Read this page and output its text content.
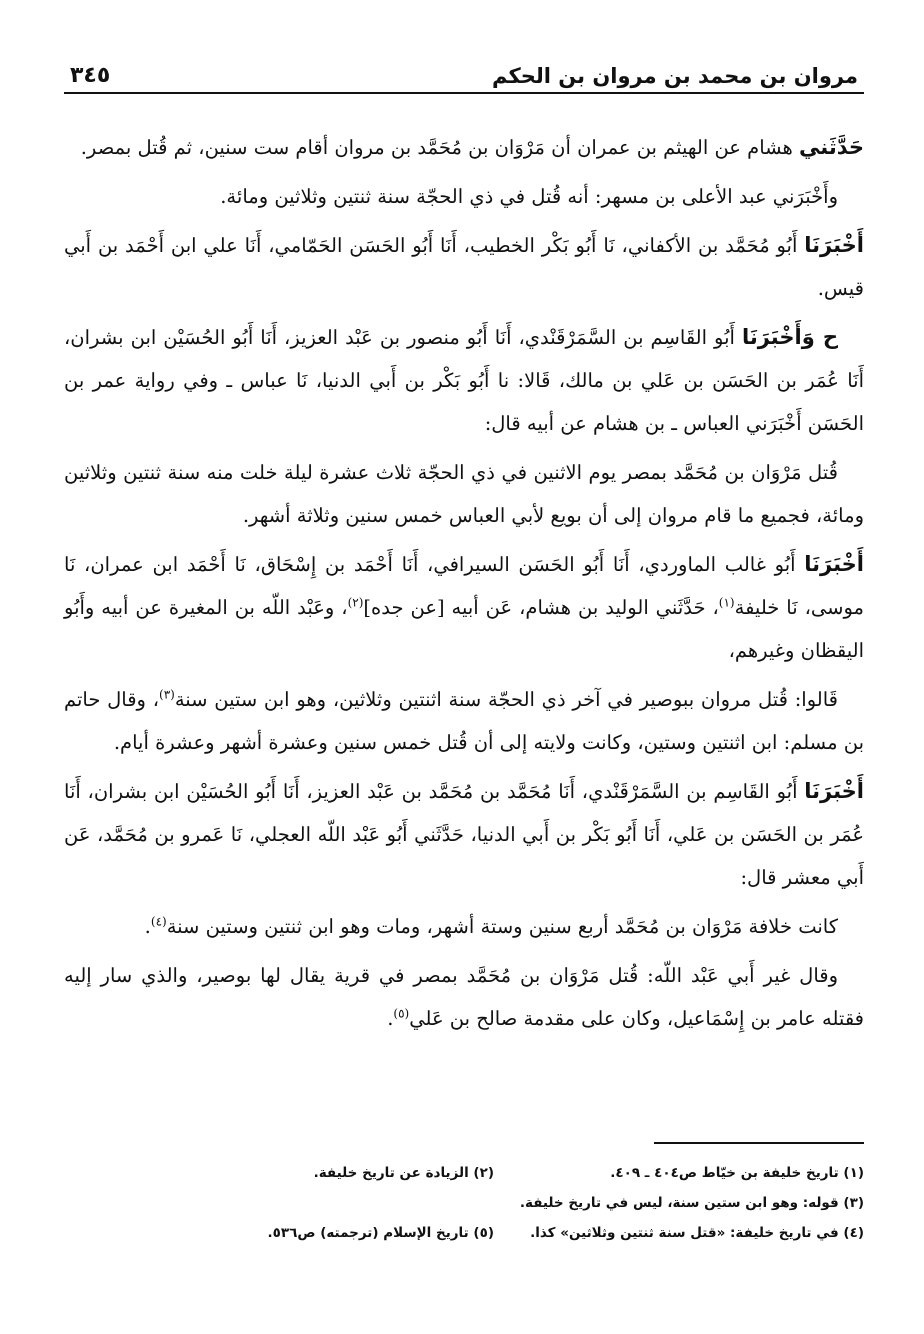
مروان بن محمد بن مروان بن الحكم
٣٤٥

حَدَّثَني هشام عن الهيثم بن عمران أن مَرْوَان بن مُحَمَّد بن مروان أقام ست سنين، ثم قُتل بمصر.

وأَخْبَرَني عبد الأعلى بن مسهر: أنه قُتل في ذي الحجّة سنة ثنتين وثلاثين ومائة.

أَخْبَرَنَا أَبُو مُحَمَّد بن الأكفاني، نَا أَبُو بَكْر الخطيب، أَنَا أَبُو الحَسَن الحَمّامي، أَنَا علي ابن أَحْمَد بن أَبي قيس.

ح وَأَخْبَرَنَا أَبُو القَاسِم بن السَّمَرْقَنْدي، أَنَا أَبُو منصور بن عَبْد العزيز، أَنَا أَبُو الحُسَيْن ابن بشران، أَنَا عُمَر بن الحَسَن بن عَلي بن مالك، قَالا: نا أَبُو بَكْر بن أَبي الدنيا، نَا عباس ـ وفي رواية عمر بن الحَسَن أَخْبَرَني العباس ـ بن هشام عن أبيه قال:

قُتل مَرْوَان بن مُحَمَّد بمصر يوم الاثنين في ذي الحجّة ثلاث عشرة ليلة خلت منه سنة ثنتين وثلاثين ومائة، فجميع ما قام مروان إلى أن بويع لأبي العباس خمس سنين وثلاثة أشهر.

أَخْبَرَنَا أَبُو غالب الماوردي، أَنَا أَبُو الحَسَن السيرافي، أَنَا أَحْمَد بن إِسْحَاق، نَا أَحْمَد ابن عمران، نَا موسى، نَا خليفة$^{(١)}$، حَدَّثَني الوليد بن هشام، عَن أبيه [عن جده]$^{(٢)}$، وعَبْد اللّه بن المغيرة عن أبيه وأَبُو اليقظان وغيرهم،

قَالوا: قُتل مروان ببوصير في آخر ذي الحجّة سنة اثنتين وثلاثين، وهو ابن ستين سنة$^{(٣)}$، وقال حاتم بن مسلم: ابن اثنتين وستين، وكانت ولايته إلى أن قُتل خمس سنين وعشرة أشهر وعشرة أيام.

أَخْبَرَنَا أَبُو القَاسِم بن السَّمَرْقَنْدي، أَنَا مُحَمَّد بن مُحَمَّد بن عَبْد العزيز، أَنَا أَبُو الحُسَيْن ابن بشران، أَنَا عُمَر بن الحَسَن بن عَلي، أَنَا أَبُو بَكْر بن أَبي الدنيا، حَدَّثَني أَبُو عَبْد اللّه العجلي، نَا عَمرو بن مُحَمَّد، عَن أَبي معشر قال:

كانت خلافة مَرْوَان بن مُحَمَّد أربع سنين وستة أشهر، ومات وهو ابن ثنتين وستين سنة$^{(٤)}$.

وقال غير أَبي عَبْد اللّه: قُتل مَرْوَان بن مُحَمَّد بمصر في قرية يقال لها بوصير، والذي سار إليه فقتله عامر بن إِسْمَاعيل، وكان على مقدمة صالح بن عَلي$^{(٥)}$.

(١) تاريخ خليفة بن خيّاط ص٤٠٤ ـ ٤٠٩.
(٢) الزيادة عن تاريخ خليفة.
(٣) قوله: وهو ابن ستين سنة، ليس في تاريخ خليفة.
(٤) في تاريخ خليفة: «قتل سنة ثنتين وثلاثين» كذا.
(٥) تاريخ الإسلام (ترجمته) ص٥٣٦.
